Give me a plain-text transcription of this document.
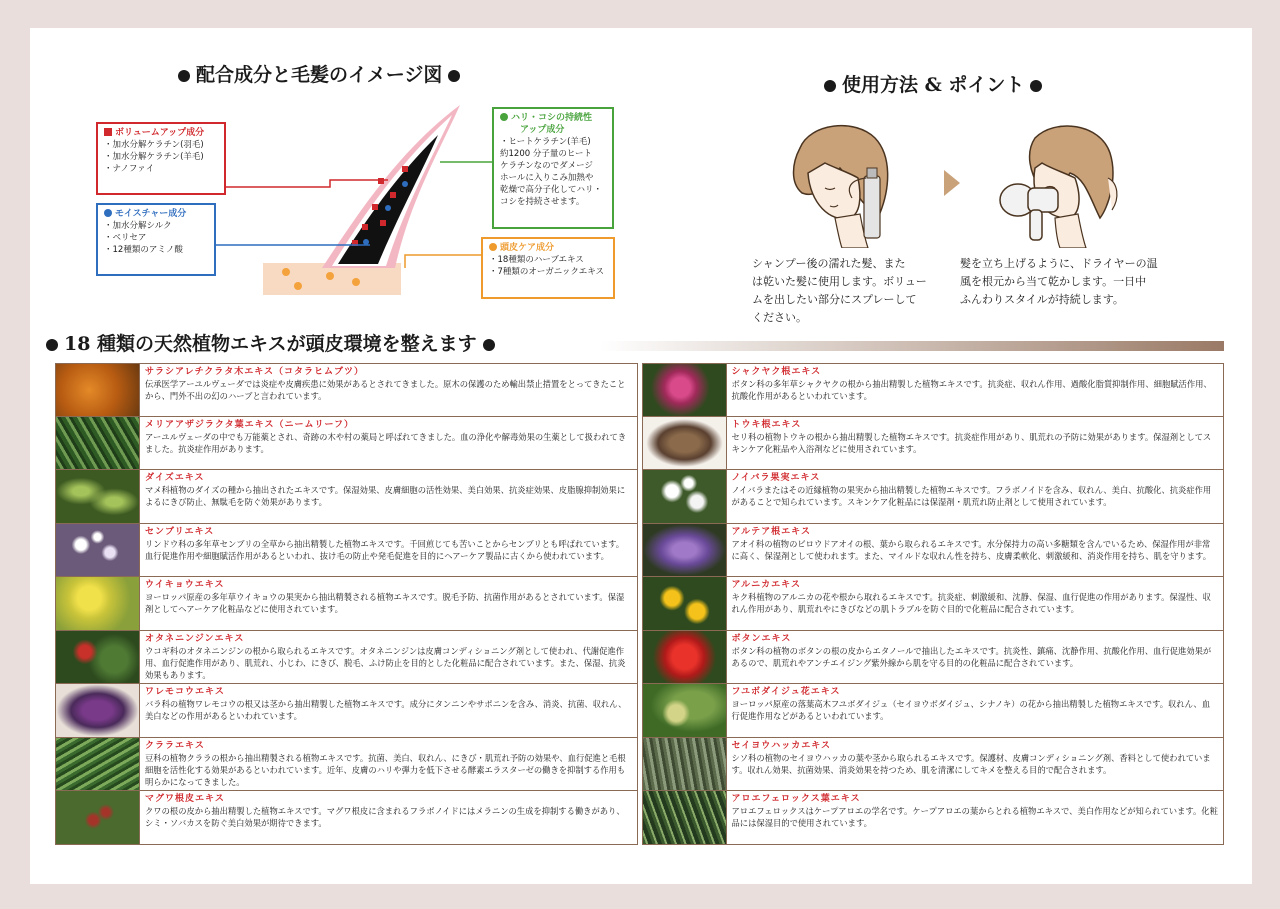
配合成分と毛髪のイメージ図
ボリュームアップ成分
・加水分解ケラチン(羽毛)
・加水分解ケラチン(羊毛)
・ナノファイ
モイスチャー成分
・加水分解シルク
・ベリセア
・12種類のアミノ酸
ハリ・コシの持続性
アップ成分
・ヒートケラチン(羊毛)
約1200 分子量のヒート
ケラチンなのでダメージ
ホールに入りこみ加熱や
乾燥で高分子化してハリ・
コシを持続させます。
頭皮ケア成分
・18種類のハーブエキス
・7種類のオーガニックエキス
使用方法 & ポイント
シャンプー後の濡れた髪、また
は乾いた髪に使用します。ボリュー
ムを出したい部分にスプレーして
ください。
髪を立ち上げるように、ドライヤーの温
風を根元から当て乾かします。一日中
ふんわりスタイルが持続します。
18 種類の天然植物エキスが頭皮環境を整えます
サラシアレチクラタ木エキス（コタラヒムブツ）
伝承医学アーユルヴェーダでは炎症や皮膚疾患に効果があるとされてきました。原木の保護のため輸出禁止措置をとってきたことから、門外不出の幻のハーブと言われています。
メリアアザジラクタ葉エキス（ニームリーフ）
アーユルヴェーダの中でも万能薬とされ、奇跡の木や村の薬局と呼ばれてきました。血の浄化や解毒効果の生薬として扱われてきました。抗炎症作用があります。
ダイズエキス
マメ科植物のダイズの種から抽出されたエキスです。保湿効果、皮膚細胞の活性効果、美白効果、抗炎症効果、皮脂腺抑制効果によるにきび防止、無駄毛を防ぐ効果があります。
センブリエキス
リンドウ科の多年草センブリの全草から抽出精製した植物エキスです。千回煎じても苦いことからセンブリとも呼ばれています。血行促進作用や細胞賦活作用があるといわれ、抜け毛の防止や発毛促進を目的にヘアーケア製品に古くから使われています。
ウイキョウエキス
ヨーロッパ原産の多年草ウイキョウの果実から抽出精製される植物エキスです。脱毛予防、抗菌作用があるとされています。保湿剤としてヘアーケア化粧品などに使用されています。
オタネニンジンエキス
ウコギ科のオタネニンジンの根から取られるエキスです。オタネニンジンは皮膚コンディショニング剤として使われ、代謝促進作用、血行促進作用があり、肌荒れ、小じわ、にきび、脱毛、ふけ防止を目的とした化粧品に配合されています。また、保湿、抗炎効果もあります。
ワレモコウエキス
バラ科の植物ワレモコウの根又は茎から抽出精製した植物エキスです。成分にタンニンやサポニンを含み、消炎、抗菌、収れん、美白などの作用があるといわれています。
クララエキス
豆科の植物クララの根から抽出精製される植物エキスです。抗菌、美白、収れん、にきび・肌荒れ予防の効果や、血行促進と毛根細胞を活性化する効果があるといわれています。近年、皮膚のハリや弾力を低下させる酵素エラスターゼの働きを抑制する作用も明らかになってきました。
マグワ根皮エキス
クワの根の皮から抽出精製した植物エキスです。マグワ根皮に含まれるフラボノイドにはメラニンの生成を抑制する働きがあり、シミ・ソバカスを防ぐ美白効果が期待できます。
シャクヤク根エキス
ボタン科の多年草シャクヤクの根から抽出精製した植物エキスです。抗炎症、収れん作用、過酸化脂質抑制作用、細胞賦活作用、抗酸化作用があるといわれています。
トウキ根エキス
セリ科の植物トウキの根から抽出精製した植物エキスです。抗炎症作用があり、肌荒れの予防に効果があります。保湿剤としてスキンケア化粧品や入浴剤などに使用されています。
ノイバラ果実エキス
ノイバラまたはその近縁植物の果実から抽出精製した植物エキスです。フラボノイドを含み、収れん、美白、抗酸化、抗炎症作用があることで知られています。スキンケア化粧品には保湿剤・肌荒れ防止剤として使用されています。
アルテア根エキス
アオイ科の植物のビロウドアオイの根、葉から取られるエキスです。水分保持力の高い多糖類を含んでいるため、保湿作用が非常に高く、保湿剤として使われます。また、マイルドな収れん性を持ち、皮膚柔軟化、刺激緩和、消炎作用を持ち、肌を守ります。
アルニカエキス
キク科植物のアルニカの花や根から取れるエキスです。抗炎症、刺激緩和、沈静、保湿、血行促進の作用があります。保湿性、収れん作用があり、肌荒れやにきびなどの肌トラブルを防ぐ目的で化粧品に配合されています。
ボタンエキス
ボタン科の植物のボタンの根の皮からエタノールで抽出したエキスです。抗炎性、鎮痛、沈静作用、抗酸化作用、血行促進効果があるので、肌荒れやアンチエイジング紫外線から肌を守る目的の化粧品に配合されています。
フユボダイジュ花エキス
ヨーロッパ原産の落葉高木フユボダイジュ（セイヨウボダイジュ、シナノキ）の花から抽出精製した植物エキスです。収れん、血行促進作用などがあるといわれています。
セイヨウハッカエキス
シソ科の植物のセイヨウハッカの葉や茎から取られるエキスです。保護材、皮膚コンディショニング剤、香料として使われています。収れん効果、抗菌効果、消炎効果を持つため、肌を清潔にしてキメを整える目的で配合されます。
アロエフェロックス葉エキス
アロエフェロックスはケープアロエの学名です。ケープアロエの葉からとれる植物エキスで、美白作用などが知られています。化粧品には保湿目的で使用されています。
